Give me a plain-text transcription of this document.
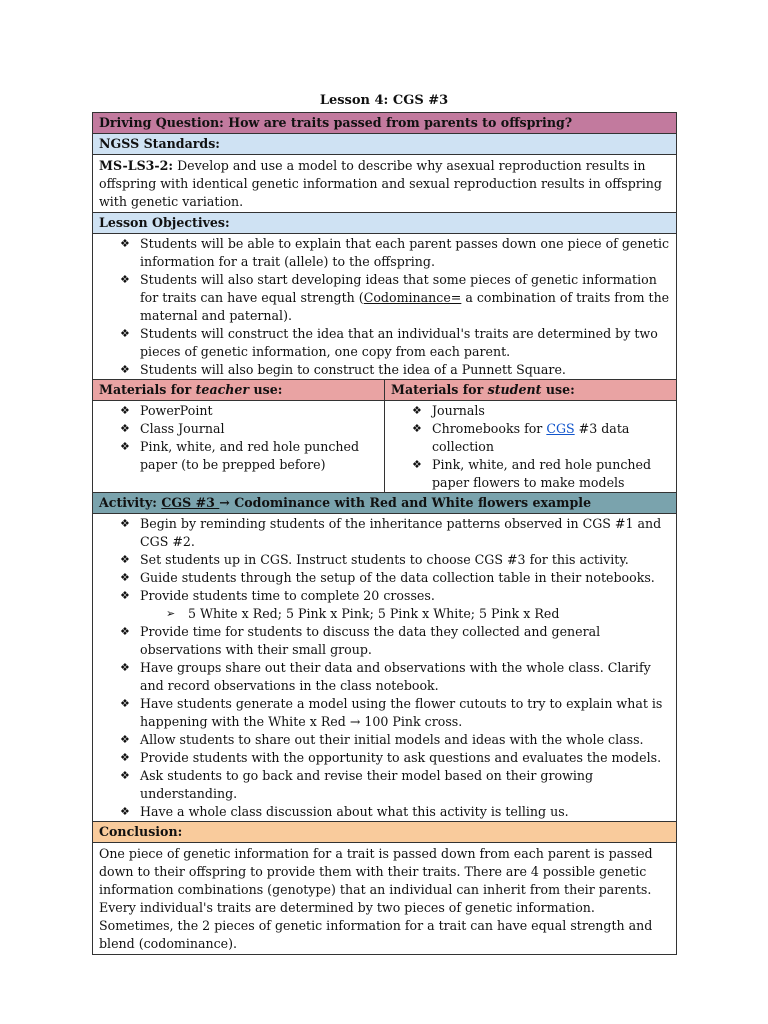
Lesson 4: CGS #3
Driving Question: How are traits passed from parents to offspring?
NGSS Standards:
MS-LS3-2: Develop and use a model to describe why asexual reproduction results in offspring with identical genetic information and sexual reproduction results in offspring with genetic variation.
Lesson Objectives:
❖ Students will be able to explain that each parent passes down one piece of genetic information for a trait (allele) to the offspring.
❖ Students will also start developing ideas that some pieces of genetic information for traits can have equal strength (Codominance= a combination of traits from the maternal and paternal).
❖ Students will construct the idea that an individual's traits are determined by two pieces of genetic information, one copy from each parent.
❖ Students will also begin to construct the idea of a Punnett Square.
Materials for teacher use:	Materials for student use:
❖ PowerPoint
❖ Class Journal
❖ Pink, white, and red hole punched paper (to be prepped before)
❖ Journals
❖ Chromebooks for CGS #3 data collection
❖ Pink, white, and red hole punched paper flowers to make models
Activity: CGS #3 → Codominance with Red and White flowers example
❖ Begin by reminding students of the inheritance patterns observed in CGS #1 and CGS #2.
❖ Set students up in CGS. Instruct students to choose CGS #3 for this activity.
❖ Guide students through the setup of the data collection table in their notebooks.
❖ Provide students time to complete 20 crosses.
➢ 5 White x Red; 5 Pink x Pink; 5 Pink x White; 5 Pink x Red
❖ Provide time for students to discuss the data they collected and general observations with their small group.
❖ Have groups share out their data and observations with the whole class. Clarify and record observations in the class notebook.
❖ Have students generate a model using the flower cutouts to try to explain what is happening with the White x Red → 100 Pink cross.
❖ Allow students to share out their initial models and ideas with the whole class.
❖ Provide students with the opportunity to ask questions and evaluates the models.
❖ Ask students to go back and revise their model based on their growing understanding.
❖ Have a whole class discussion about what this activity is telling us.
Conclusion:
One piece of genetic information for a trait is passed down from each parent is passed down to their offspring to provide them with their traits. There are 4 possible genetic information combinations (genotype) that an individual can inherit from their parents. Every individual's traits are determined by two pieces of genetic information. Sometimes, the 2 pieces of genetic information for a trait can have equal strength and blend (codominance).
